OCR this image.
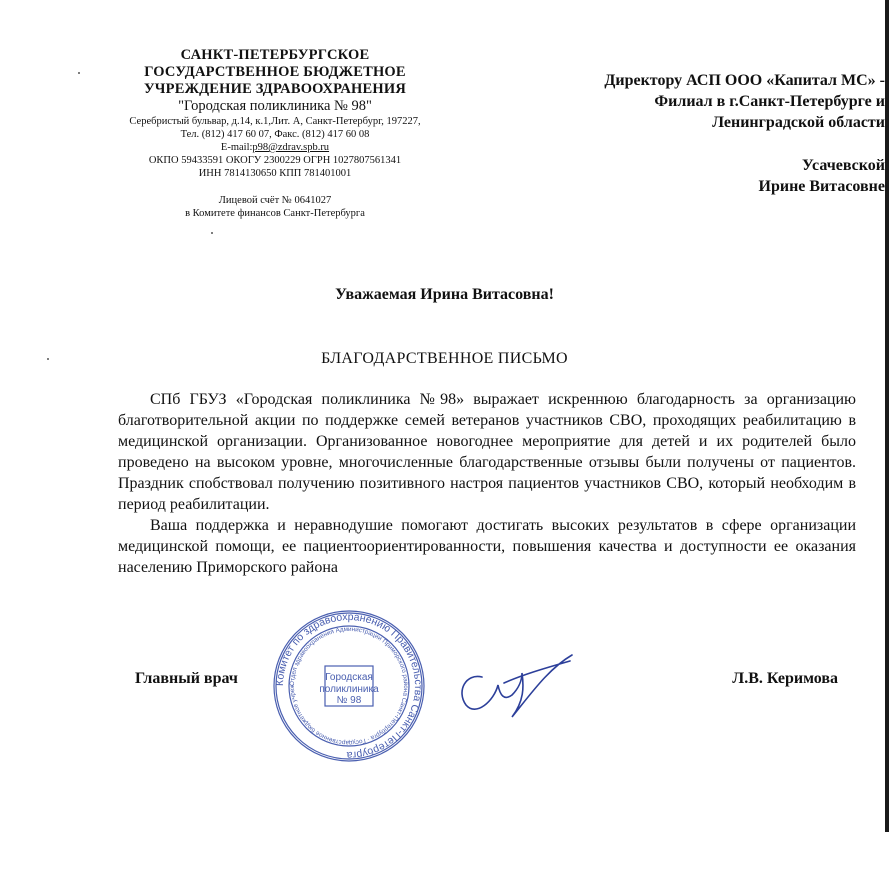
САНКТ-ПЕТЕРБУРГСКОЕ
ГОСУДАРСТВЕННОЕ БЮДЖЕТНОЕ
УЧРЕЖДЕНИЕ ЗДРАВООХРАНЕНИЯ
"Городская поликлиника № 98"
Серебристый бульвар, д.14, к.1,Лит. А, Санкт-Петербург, 197227,
Тел. (812) 417 60 07, Факс. (812) 417 60 08
E-mail:p98@zdrav.spb.ru
ОКПО 59433591 ОКОГУ 2300229 ОГРН 1027807561341
ИНН 7814130650 КПП 781401001
Лицевой счёт № 0641027
в Комитете финансов Санкт-Петербурга
Директору АСП ООО «Капитал МС» -
Филиал в г.Санкт-Петербурге и
Ленинградской области
Усачевской
Ирине Витасовне
Уважаемая Ирина Витасовна!
БЛАГОДАРСТВЕННОЕ ПИСЬМО

СПб ГБУЗ «Городская поликлиника №98» выражает искреннюю благодарность за организацию благотворительной акции по поддержке семей ветеранов участников СВО, проходящих реабилитацию в медицинской организации. Организованное новогоднее мероприятие для детей и их родителей было проведено на высоком уровне, многочисленные благодарственные отзывы были получены от пациентов. Праздник спобствовал получению позитивного настроя пациентов участников СВО, который необходим в период реабилитации.

Ваша поддержка и неравнодушие помогают достигать высоких результатов в сфере организации медицинской помощи, ее пациентоориентированности, повышения качества и доступности ее оказания населению Приморского района

Главный врач	Л.В. Керимова
Комитет по здравоохранению Правительства Санкт-Петербурга
Отдел здравоохранения Администрации Приморского района Санкт-Петербурга · Государственное бюджетное учреж
Городская
поликлиника
№ 98
